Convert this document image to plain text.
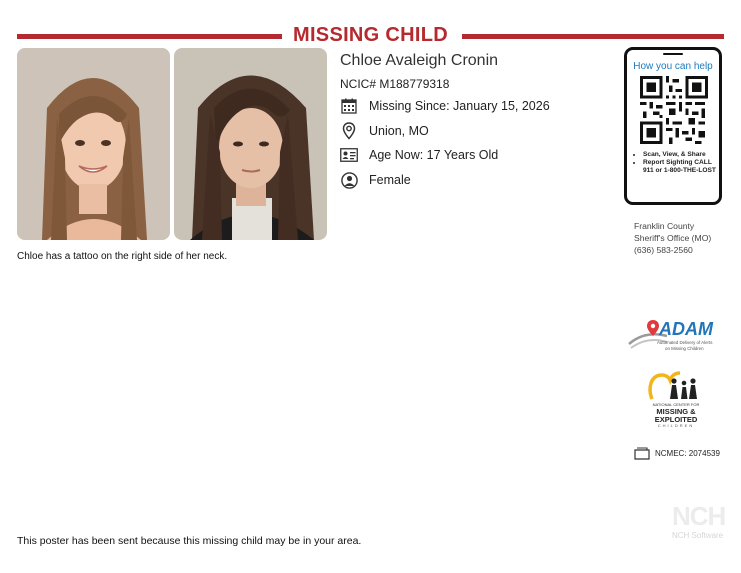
MISSING CHILD
Chloe has a tattoo on the right side of her neck.
Chloe Avaleigh Cronin
NCIC# M188779318
Missing Since: January 15, 2026
Union, MO
Age Now: 17 Years Old
Female
How you can help
• Scan, View, & Share
• Report Sighting CALL 911 or 1-800-THE-LOST
Franklin County
Sheriff's Office (MO)
(636) 583-2560
ADAM
Automated Delivery of Alerts
on Missing Children
NATIONAL CENTER FOR
MISSING &
EXPLOITED
CHILDREN
NCMEC: 2074539
NCH
NCH Software
This poster has been sent because this missing child may be in your area.
